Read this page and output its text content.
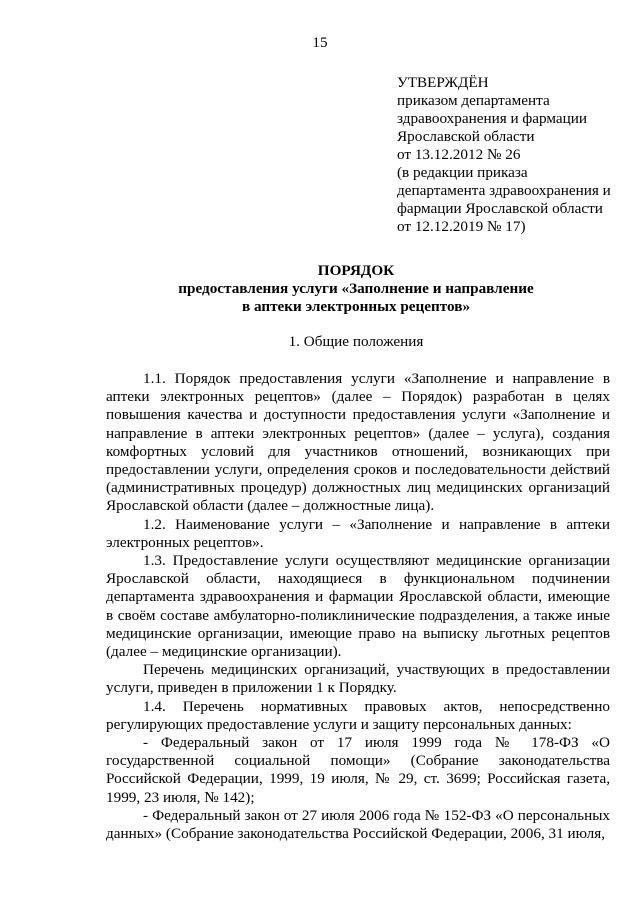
15
УТВЕРЖДЁН
приказом департамента
здравоохранения и фармации
Ярославской области
от 13.12.2012 № 26
(в редакции приказа
департамента здравоохранения и
фармации Ярославской области
от 12.12.2019 № 17)
ПОРЯДОК
предоставления услуги «Заполнение и направление
в аптеки электронных рецептов»
1. Общие положения

1.1. Порядок предоставления услуги «Заполнение и направление в аптеки электронных рецептов» (далее – Порядок) разработан в целях повышения качества и доступности предоставления услуги «Заполнение и направление в аптеки электронных рецептов» (далее – услуга), создания комфортных условий для участников отношений, возникающих при предоставлении услуги, определения сроков и последовательности действий (административных процедур) должностных лиц медицинских организаций Ярославской области (далее – должностные лица).

1.2. Наименование услуги – «Заполнение и направление в аптеки электронных рецептов».

1.3. Предоставление услуги осуществляют медицинские организации Ярославской области, находящиеся в функциональном подчинении департамента здравоохранения и фармации Ярославской области, имеющие в своём составе амбулаторно-поликлинические подразделения, а также иные медицинские организации, имеющие право на выписку льготных рецептов (далее – медицинские организации).

Перечень медицинских организаций, участвующих в предоставлении услуги, приведен в приложении 1 к Порядку.

1.4. Перечень нормативных правовых актов, непосредственно регулирующих предоставление услуги и защиту персональных данных:

- Федеральный закон от 17 июля 1999 года № 178-ФЗ «О государственной социальной помощи» (Собрание законодательства Российской Федерации, 1999, 19 июля, № 29, ст. 3699; Российская газета, 1999, 23 июля, № 142);

- Федеральный закон от 27 июля 2006 года № 152-ФЗ «О персональных данных» (Собрание законодательства Российской Федерации, 2006, 31 июля,
